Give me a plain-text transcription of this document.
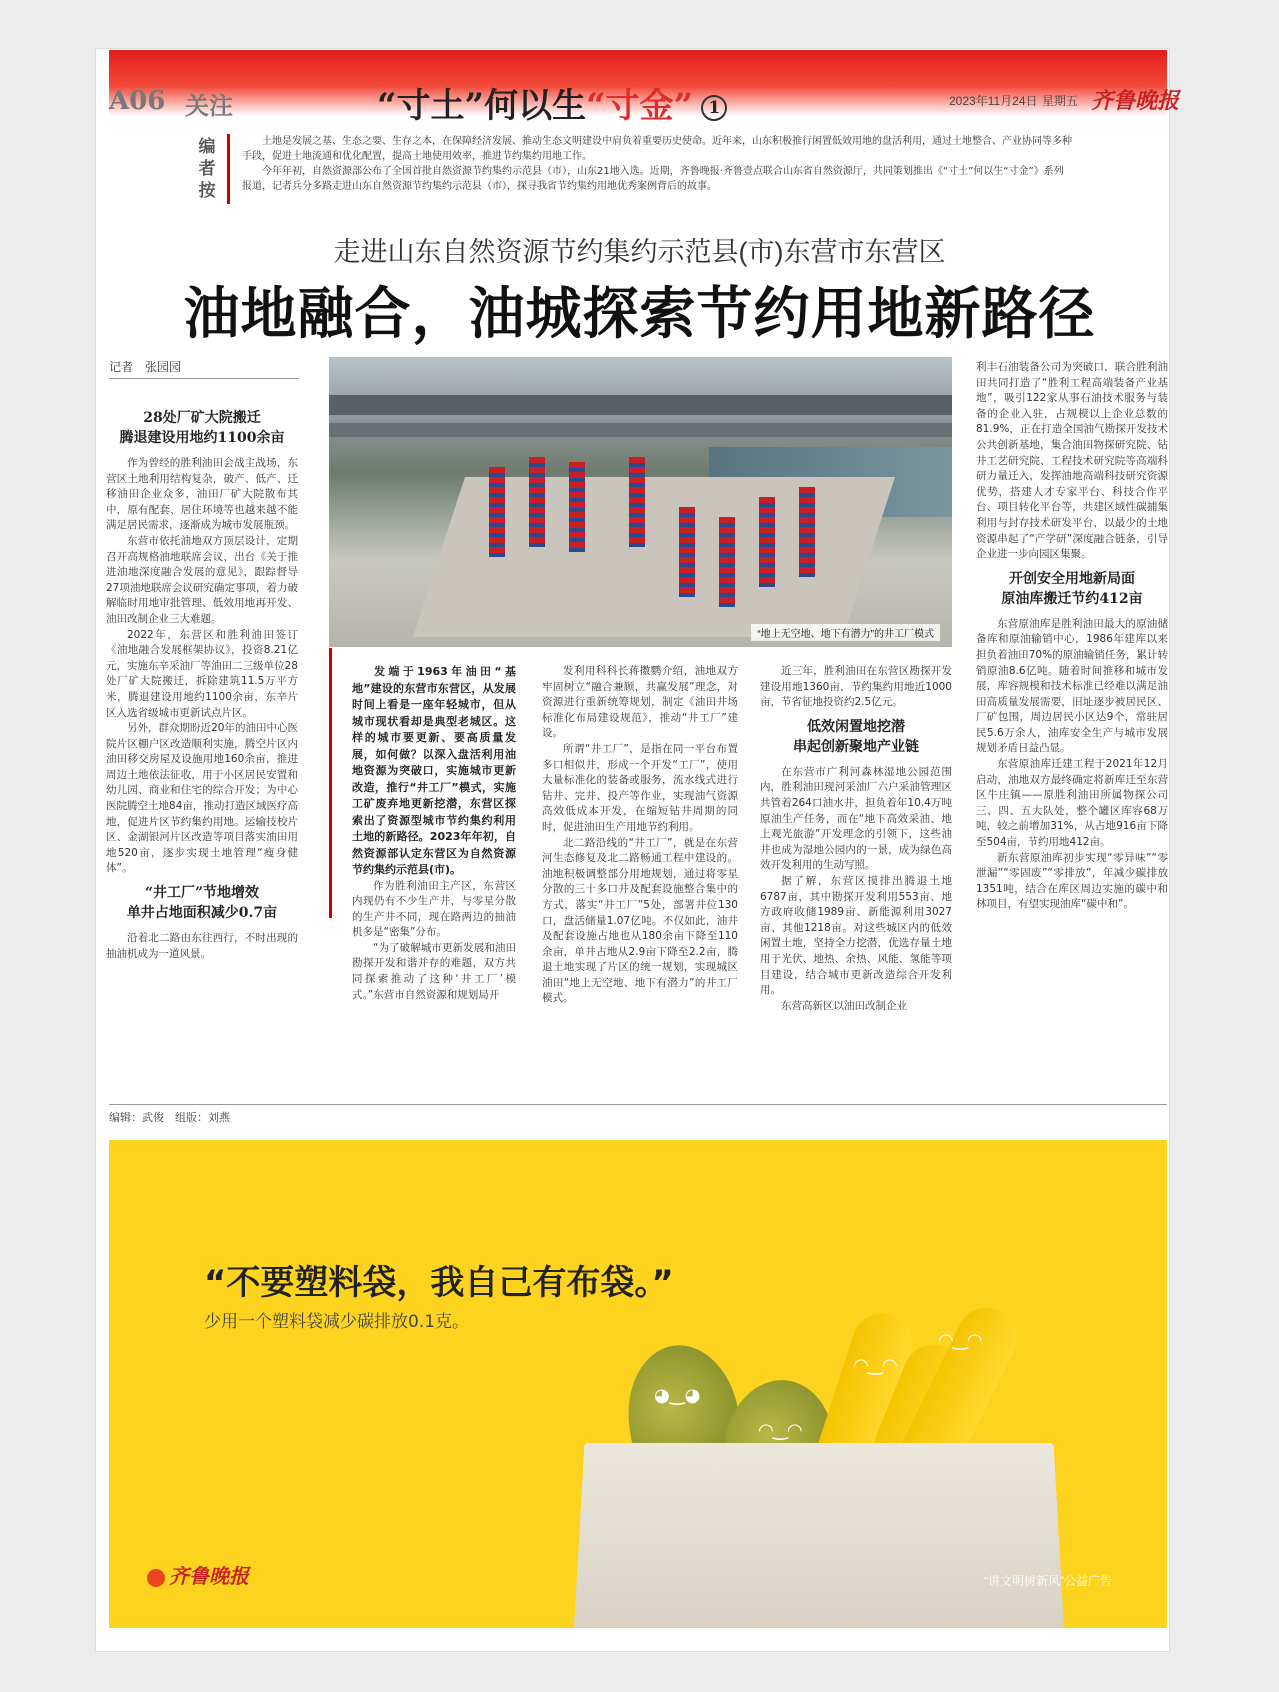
A06 关注	“寸土”何以生“寸金” 1	2023年11月24日 星期五 齐鲁晚报
编者按

土地是发展之基、生态之要、生存之本，在保障经济发展、推动生态文明建设中肩负着重要历史使命。近年来，山东积极推行闲置低效用地的盘活利用，通过土地整合、产业协同等多种手段，促进土地流通和优化配置，提高土地使用效率，推进节约集约用地工作。

今年年初，自然资源部公布了全国首批自然资源节约集约示范县（市），山东21地入选。近期，齐鲁晚报·齐鲁壹点联合山东省自然资源厅，共同策划推出《“寸土”何以生“寸金”》系列报道，记者兵分多路走进山东自然资源节约集约示范县（市），探寻我省节约集约用地优秀案例背后的故事。

走进山东自然资源节约集约示范县(市)东营市东营区
油地融合，油城探索节约用地新路径
记者　张园园
“地上无空地、地下有潜力”的井工厂模式
28处厂矿大院搬迁
腾退建设用地约1100余亩

作为曾经的胜利油田会战主战场，东营区土地利用结构复杂，破产、低产、迁移油田企业众多，油田厂矿大院散布其中，原有配套、居住环境等也越来越不能满足居民需求，逐渐成为城市发展瓶颈。

东营市依托油地双方顶层设计，定期召开高规格油地联席会议，出台《关于推进油地深度融合发展的意见》，跟踪督导27项油地联席会议研究确定事项，着力破解临时用地审批管理、低效用地再开发、油田改制企业三大难题。

2022年，东营区和胜利油田签订《油地融合发展框架协议》，投资8.21亿元，实施东辛采油厂等油田二三级单位28处厂矿大院搬迁，拆除建筑11.5万平方米，腾退建设用地约1100余亩，东辛片区入选省级城市更新试点片区。

另外，群众期盼近20年的油田中心医院片区棚户区改造顺利实施，腾空片区内油田移交房屋及设施用地160余亩，推进周边土地依法征收，用于小区居民安置和幼儿园、商业和住宅的综合开发；为中心医院腾空土地84亩，推动打造区域医疗高地，促进片区节约集约用地。运输技校片区、金湖银河片区改造等项目落实油田用地520亩，逐步实现土地管理“瘦身健体”。

“井工厂”节地增效
单井占地面积减少0.7亩

沿着北二路由东往西行，不时出现的抽油机成为一道风景。

发端于1963年油田“基地”建设的东营市东营区，从发展时间上看是一座年轻城市，但从城市现状看却是典型老城区。这样的城市要更新、要高质量发展，如何做？以深入盘活利用油地资源为突破口，实施城市更新改造，推行“井工厂”模式，实施工矿废弃地更新挖潜，东营区探索出了资源型城市节约集约利用土地的新路径。2023年年初，自然资源部认定东营区为自然资源节约集约示范县(市)。

作为胜利油田主产区，东营区内现仍有不少生产井，与零星分散的生产井不同，现在路两边的抽油机多是“密集”分布。

“为了破解城市更新发展和油田勘探开发和谐并存的难题，双方共同探索推动了这种‘井工厂’模式。”东营市自然资源和规划局开

发利用科科长蒋擞鹦介绍，油地双方牢固树立“融合兼顾，共赢发展”理念，对资源进行重新统筹规划，制定《油田井场标准化布局建设规范》，推动“井工厂”建设。

所谓“井工厂”，是指在同一平台布置多口相似井，形成一个开发“工厂”，使用大量标准化的装备或服务，流水线式进行钻井、完井、投产等作业，实现油气资源高效低成本开发，在缩短钻井周期的同时，促进油田生产用地节约利用。

北二路沿线的“井工厂”，就是在东营河生态修复及北二路畅通工程中建设的。油地积极调整部分用地规划，通过将零星分散的三十多口井及配套设施整合集中的方式，落实“井工厂”5处，部署井位130口，盘活储量1.07亿吨。不仅如此，油井及配套设施占地也从180余亩下降至110余亩，单井占地从2.9亩下降至2.2亩，腾退土地实现了片区的统一规划，实现城区油田“地上无空地、地下有潜力”的井工厂模式。

近三年，胜利油田在东营区勘探开发建设用地1360亩，节约集约用地近1000亩，节省征地投资约2.5亿元。

低效闲置地挖潜
串起创新聚地产业链

在东营市广利河森林湿地公园范围内，胜利油田现河采油厂六户采油管理区共管着264口油水井，担负着年10.4万吨原油生产任务，而在“地下高效采油、地上观光旅游”开发理念的引领下，这些油井也成为湿地公园内的一景，成为绿色高效开发利用的生动写照。

据了解，东营区摸排出腾退土地6787亩，其中勘探开发利用553亩、地方政府收储1989亩、新能源利用3027亩、其他1218亩。对这些城区内的低效闲置土地，坚持全力挖潜，优选存量土地用于光伏、地热、余热、风能、氢能等项目建设，结合城市更新改造综合开发利用。

东营高新区以油田改制企业

利丰石油装备公司为突破口，联合胜利油田共同打造了“胜利工程高端装备产业基地”，吸引122家从事石油技术服务与装备的企业入驻，占规模以上企业总数的81.9%，正在打造全国油气勘探开发技术公共创新基地，集合油田物探研究院、钻井工艺研究院、工程技术研究院等高端科研力量迁入，发挥油地高端科技研究资源优势，搭建人才专家平台、科技合作平台、项目转化平台等，共建区域性碳捕集利用与封存技术研发平台，以最少的土地资源串起了“产学研”深度融合链条，引导企业进一步向园区集聚。

开创安全用地新局面
原油库搬迁节约412亩

东营原油库是胜利油田最大的原油储备库和原油输销中心，1986年建库以来担负着油田70%的原油输销任务，累计转销原油8.6亿吨。随着时间推移和城市发展，库容规模和技术标准已经难以满足油田高质量发展需要，旧址逐步被居民区、厂矿包围，周边居民小区达9个，常驻居民5.6万余人，油库安全生产与城市发展规划矛盾日益凸显。

东营原油库迁建工程于2021年12月启动，油地双方最终确定将新库迁至东营区牛庄镇——原胜利油田所属物探公司三、四、五大队处，整个罐区库容68万吨，较之前增加31%，从占地916亩下降至504亩，节约用地412亩。

新东营原油库初步实现“零异味”“零泄漏”“零固废”“零排放”，年减少碳排放1351吨，结合在库区周边实施的碳中和林项目，有望实现油库“碳中和”。

编辑：武俊　组版：刘燕
“不要塑料袋，我自己有布袋。”
少用一个塑料袋减少碳排放0.1克。
◕‿◕
◠‿◠
◠‿◠
◠‿◠
齐鲁晚报	“讲文明树新风”公益广告
